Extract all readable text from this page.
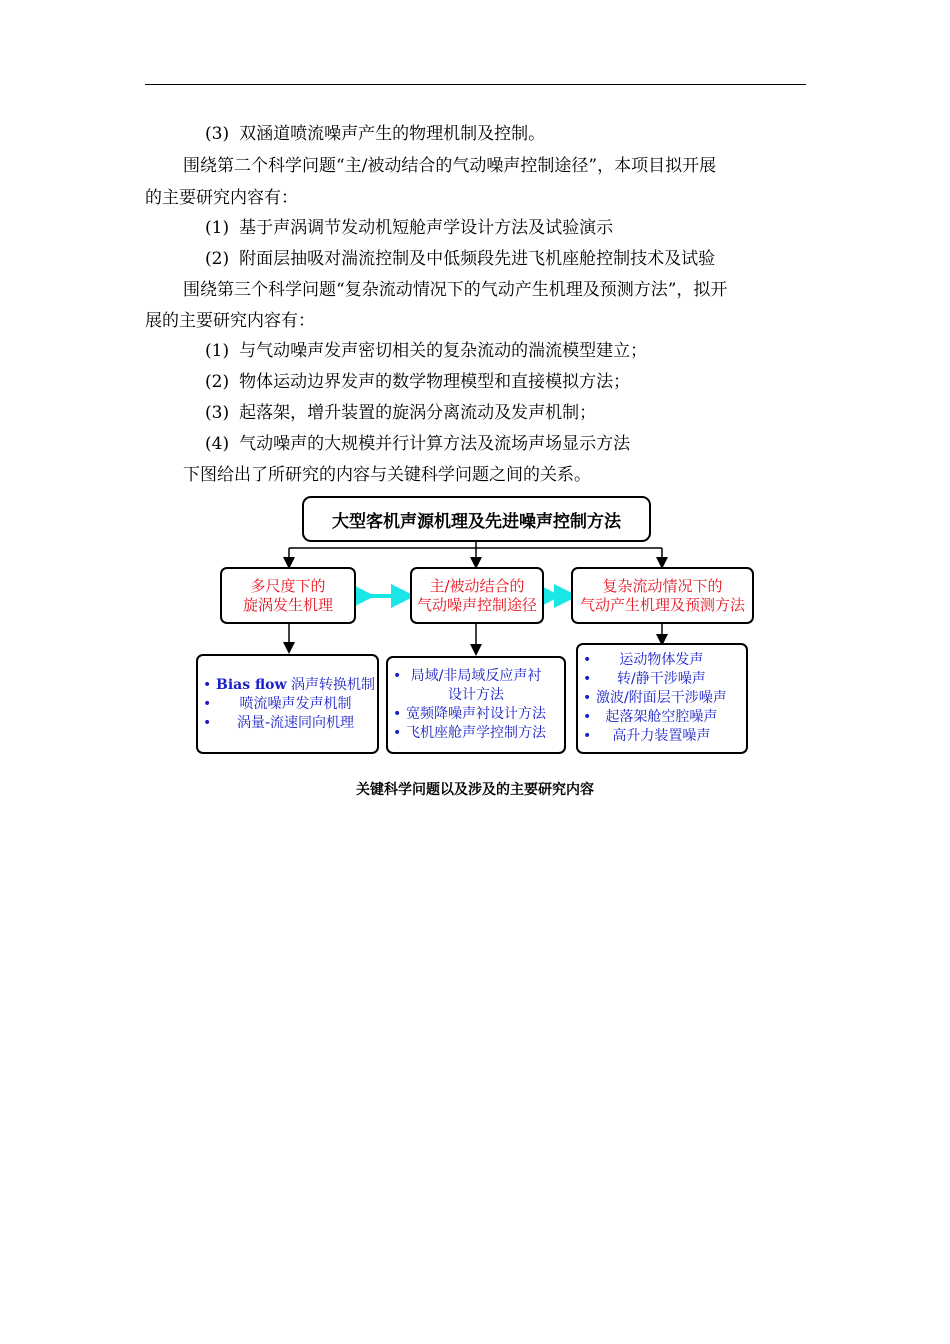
(3) 双涵道喷流噪声产生的物理机制及控制。
围绕第二个科学问题“主/被动结合的气动噪声控制途径”，本项目拟开展
的主要研究内容有：
(1) 基于声涡调节发动机短舱声学设计方法及试验演示
(2) 附面层抽吸对湍流控制及中低频段先进飞机座舱控制技术及试验
围绕第三个科学问题“复杂流动情况下的气动产生机理及预测方法”，拟开
展的主要研究内容有：
(1) 与气动噪声发声密切相关的复杂流动的湍流模型建立；
(2) 物体运动边界发声的数学物理模型和直接模拟方法；
(3) 起落架，增升装置的旋涡分离流动及发声机制；
(4) 气动噪声的大规模并行计算方法及流场声场显示方法
下图给出了所研究的内容与关键科学问题之间的关系。
大型客机声源机理及先进噪声控制方法
多尺度下的
旋涡发生机理
主/被动结合的
气动噪声控制途径
复杂流动情况下的
气动产生机理及预测方法
• Bias flow 涡声转换机制
• 喷流噪声发声机制
• 涡量-流速同向机理
• 局域/非局域反应声衬
设计方法
• 宽频降噪声衬设计方法
• 飞机座舱声学控制方法
• 运动物体发声
• 转/静干涉噪声
• 激波/附面层干涉噪声
• 起落架舱空腔噪声
• 高升力装置噪声
关键科学问题以及涉及的主要研究内容
